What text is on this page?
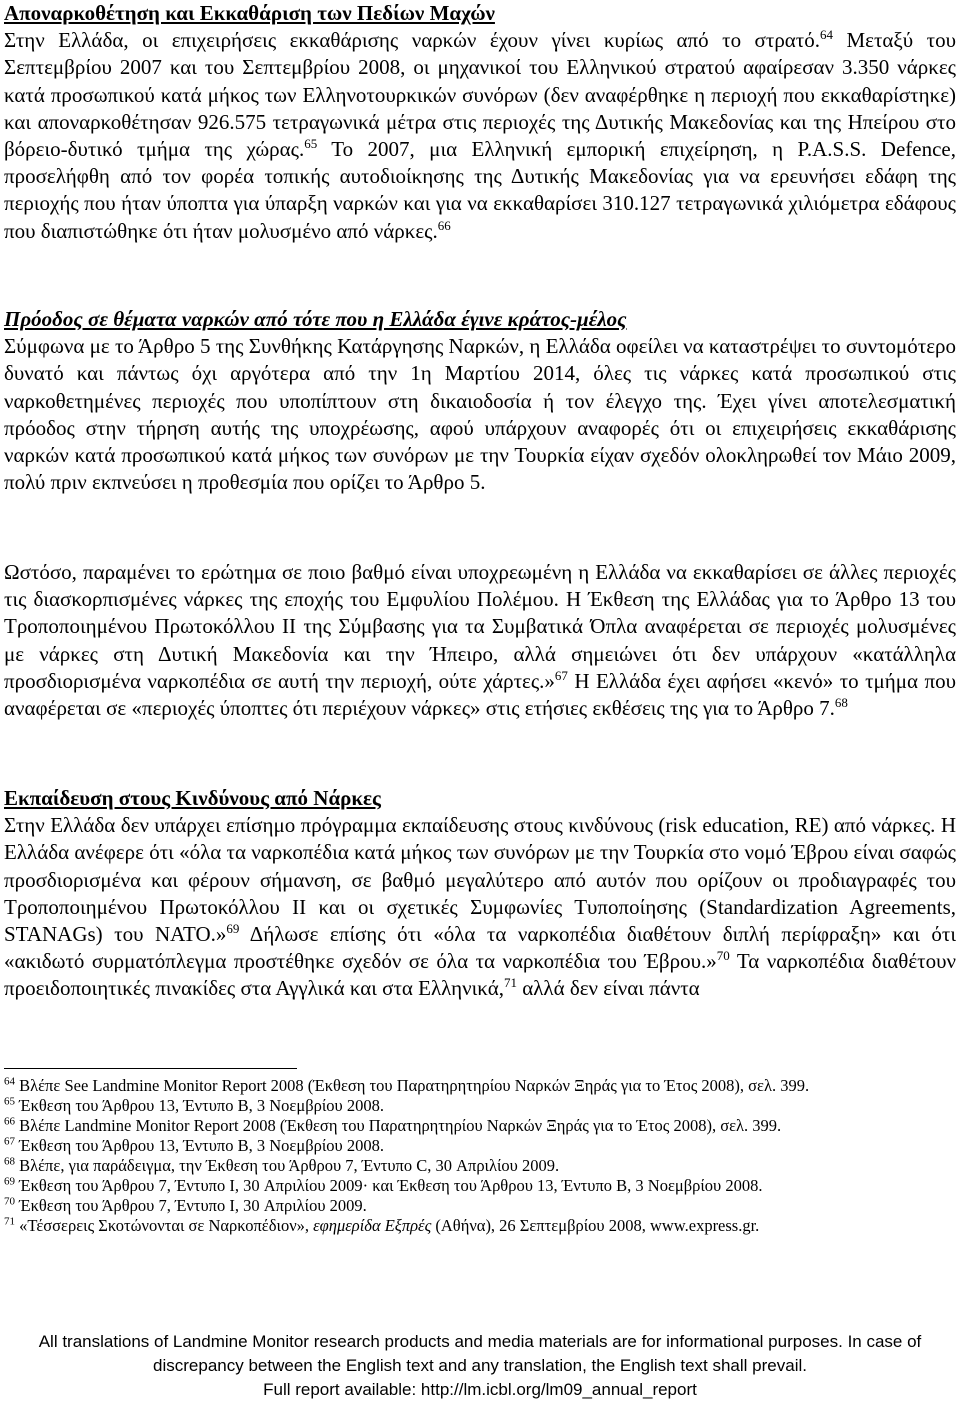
Αποναρκοθέτηση και Εκκαθάριση των Πεδίων Μαχών
Στην Ελλάδα, οι επιχειρήσεις εκκαθάρισης ναρκών έχουν γίνει κυρίως από το στρατό.$^{64}$ Μεταξύ του Σεπτεμβρίου 2007 και του Σεπτεμβρίου 2008, οι μηχανικοί του Ελληνικού στρατού αφαίρεσαν 3.350 νάρκες κατά προσωπικού κατά μήκος των Ελληνοτουρκικών συνόρων (δεν αναφέρθηκε η περιοχή που εκκαθαρίστηκε) και απoναρκοθέτησαν 926.575 τετραγωνικά μέτρα στις περιοχές της Δυτικής Μακεδονίας και της Ηπείρου στο βόρειο-δυτικό τμήμα της χώρας.$^{65}$ Το 2007, μια Ελληνική εμπορική επιχείρηση, η P.A.S.S. Defence, προσελήφθη από τον φορέα τοπικής αυτοδιοίκησης της Δυτικής Μακεδονίας για να ερευνήσει εδάφη της περιοχής που ήταν ύποπτα για ύπαρξη ναρκών και για να εκκαθαρίσει 310.127 τετραγωνικά χιλιόμετρα εδάφους που διαπιστώθηκε ότι ήταν μολυσμένο από νάρκες.$^{66}$

Πρόοδος σε θέματα ναρκών από τότε που η Ελλάδα έγινε κράτος-μέλος
Σύμφωνα με το Άρθρο 5 της Συνθήκης Κατάργησης Ναρκών, η Ελλάδα οφείλει να καταστρέψει το συντομότερο δυνατό και πάντως όχι αργότερα από την 1η Μαρτίου 2014, όλες τις νάρκες κατά προσωπικού στις ναρκοθετημένες περιοχές που υποπίπτουν στη δικαιοδοσία ή τον έλεγχο της. Έχει γίνει αποτελεσματική πρόοδος στην τήρηση αυτής της υποχρέωσης, αφού υπάρχουν αναφορές ότι οι επιχειρήσεις εκκαθάρισης ναρκών κατά προσωπικού κατά μήκος των συνόρων με την Τουρκία είχαν σχεδόν ολοκληρωθεί τον Μάιο 2009, πολύ πριν εκπνεύσει η προθεσμία που ορίζει το Άρθρο 5.

Ωστόσο, παραμένει το ερώτημα σε ποιο βαθμό είναι υποχρεωμένη η Ελλάδα να εκκαθαρίσει σε άλλες περιοχές τις διασκορπισμένες νάρκες της εποχής του Εμφυλίου Πολέμου. Η Έκθεση της Ελλάδας για το Άρθρο 13 του Τροποποιημένου Πρωτοκόλλου II της Σύμβασης για τα Συμβατικά Όπλα αναφέρεται σε περιοχές μολυσμένες με νάρκες στη Δυτική Μακεδονία και την Ήπειρο, αλλά σημειώνει ότι δεν υπάρχουν «κατάλληλα προσδιορισμένα ναρκοπέδια σε αυτή την περιοχή, ούτε χάρτες.»$^{67}$ Η Ελλάδα έχει αφήσει «κενό» το τμήμα που αναφέρεται σε «περιοχές ύποπτες ότι περιέχουν νάρκες» στις ετήσιες εκθέσεις της για το Άρθρο 7.68

Εκπαίδευση στους Κινδύνους από Νάρκες
Στην Ελλάδα δεν υπάρχει επίσημο πρόγραμμα εκπαίδευσης στους κινδύνους (risk education, RE) από νάρκες. Η Ελλάδα ανέφερε ότι «όλα τα ναρκοπέδια κατά μήκος των συνόρων με την Τουρκία στο νομό Έβρου είναι σαφώς προσδιορισμένα και φέρουν σήμανση, σε βαθμό μεγαλύτερο από αυτόν που ορίζουν οι προδιαγραφές του Τροποποιημένου Πρωτοκόλλου II και οι σχετικές Συμφωνίες Τυποποίησης (Standardization Agreements, STANAGs) του ΝΑΤΟ.»$^{69}$ Δήλωσε επίσης ότι «όλα τα ναρκοπέδια διαθέτουν διπλή περίφραξη» και ότι «ακιδωτό συρματόπλεγμα προστέθηκε σχεδόν σε όλα τα ναρκοπέδια του Έβρου.»$^{70}$ Τα ναρκοπέδια διαθέτουν προειδοποιητικές πινακίδες στα Αγγλικά και στα Ελληνικά,$^{71}$ αλλά δεν είναι πάντα

$^{64}$ Βλέπε See Landmine Monitor Report 2008 (Έκθεση του Παρατηρητηρίου Ναρκών Ξηράς για το Έτος 2008), σελ. 399.

$^{65}$ Έκθεση του Άρθρου 13, Έντυπο B, 3 Νοεμβρίου 2008.

$^{66}$ Βλέπε Landmine Monitor Report 2008 (Έκθεση του Παρατηρητηρίου Ναρκών Ξηράς για το Έτος 2008), σελ. 399.

$^{67}$ Έκθεση του Άρθρου 13, Έντυπο B, 3 Νοεμβρίου 2008.

$^{68}$ Βλέπε, για παράδειγμα, την Έκθεση του Άρθρου 7, Έντυπο C, 30 Απριλίου 2009.

$^{69}$ Έκθεση του Άρθρου 7, Έντυπο I, 30 Απριλίου 2009· και Έκθεση του Άρθρου 13, Έντυπο B, 3 Νοεμβρίου 2008.

$^{70}$ Έκθεση του Άρθρου 7, Έντυπο I, 30 Απριλίου 2009.

$^{71}$ «Τέσσερεις Σκοτώνονται σε Ναρκοπέδιον», εφημερίδα Εξπρές (Αθήνα), 26 Σεπτεμβρίου 2008, www.express.gr.

All translations of Landmine Monitor research products and media materials are for informational purposes. In case of
discrepancy between the English text and any translation, the English text shall prevail.
Full report available: http://lm.icbl.org/lm09_annual_report
